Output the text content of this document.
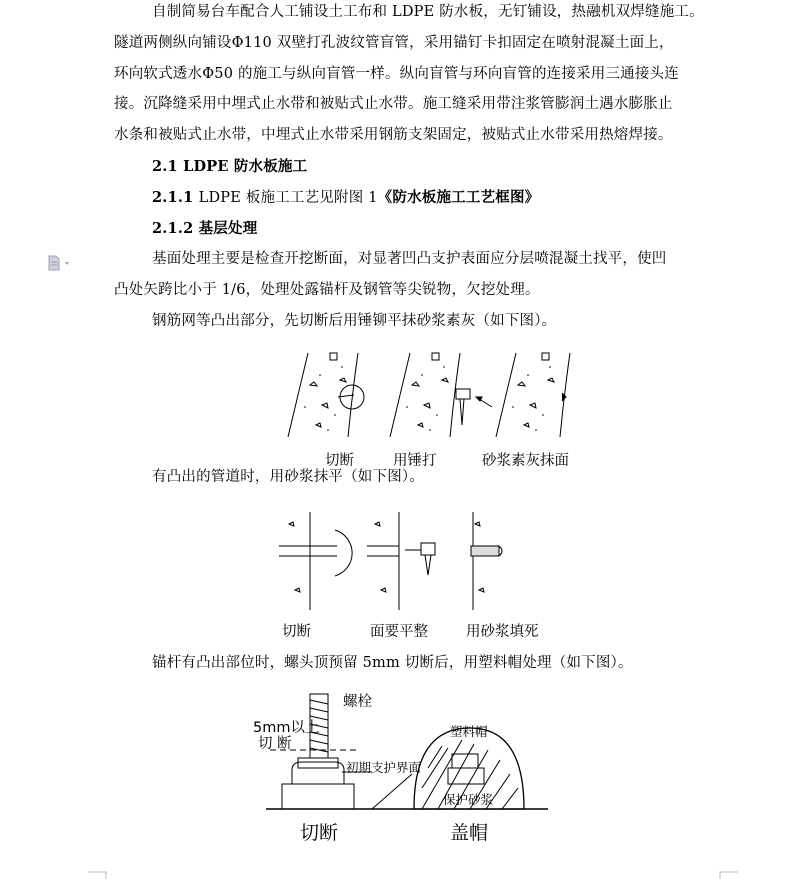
自制简易台车配合人工铺设土工布和 LDPE 防水板，无钉铺设，热融机双焊缝施工。
隧道两侧纵向铺设Φ110 双壁打孔波纹管盲管，采用锚钉卡扣固定在喷射混凝土面上，
环向软式透水Φ50 的施工与纵向盲管一样。纵向盲管与环向盲管的连接采用三通接头连
接。沉降缝采用中埋式止水带和被贴式止水带。施工缝采用带注浆管膨润土遇水膨胀止
水条和被贴式止水带，中埋式止水带采用钢筋支架固定，被贴式止水带采用热熔焊接。
2.1 LDPE 防水板施工
2.1.1 LDPE 板施工工艺见附图 1《防水板施工工艺框图》
2.1.2 基层处理
基面处理主要是检查开挖断面，对显著凹凸支护表面应分层喷混凝土找平，使凹
凸处矢跨比小于 1/6，处理处露锚杆及钢管等尖锐物，欠挖处理。
钢筋网等凸出部分，先切断后用锤铆平抹砂浆素灰（如下图）。
切断	用锤打	砂浆素灰抹面
有凸出的管道时，用砂浆抹平（如下图）。
切断	面要平整	用砂浆填死
锚杆有凸出部位时，螺头顶预留 5mm 切断后，用塑料帽处理（如下图）。
螺栓
5mm以上
切 断
初期支护界面
塑料帽
保护砂浆
切断	盖帽
